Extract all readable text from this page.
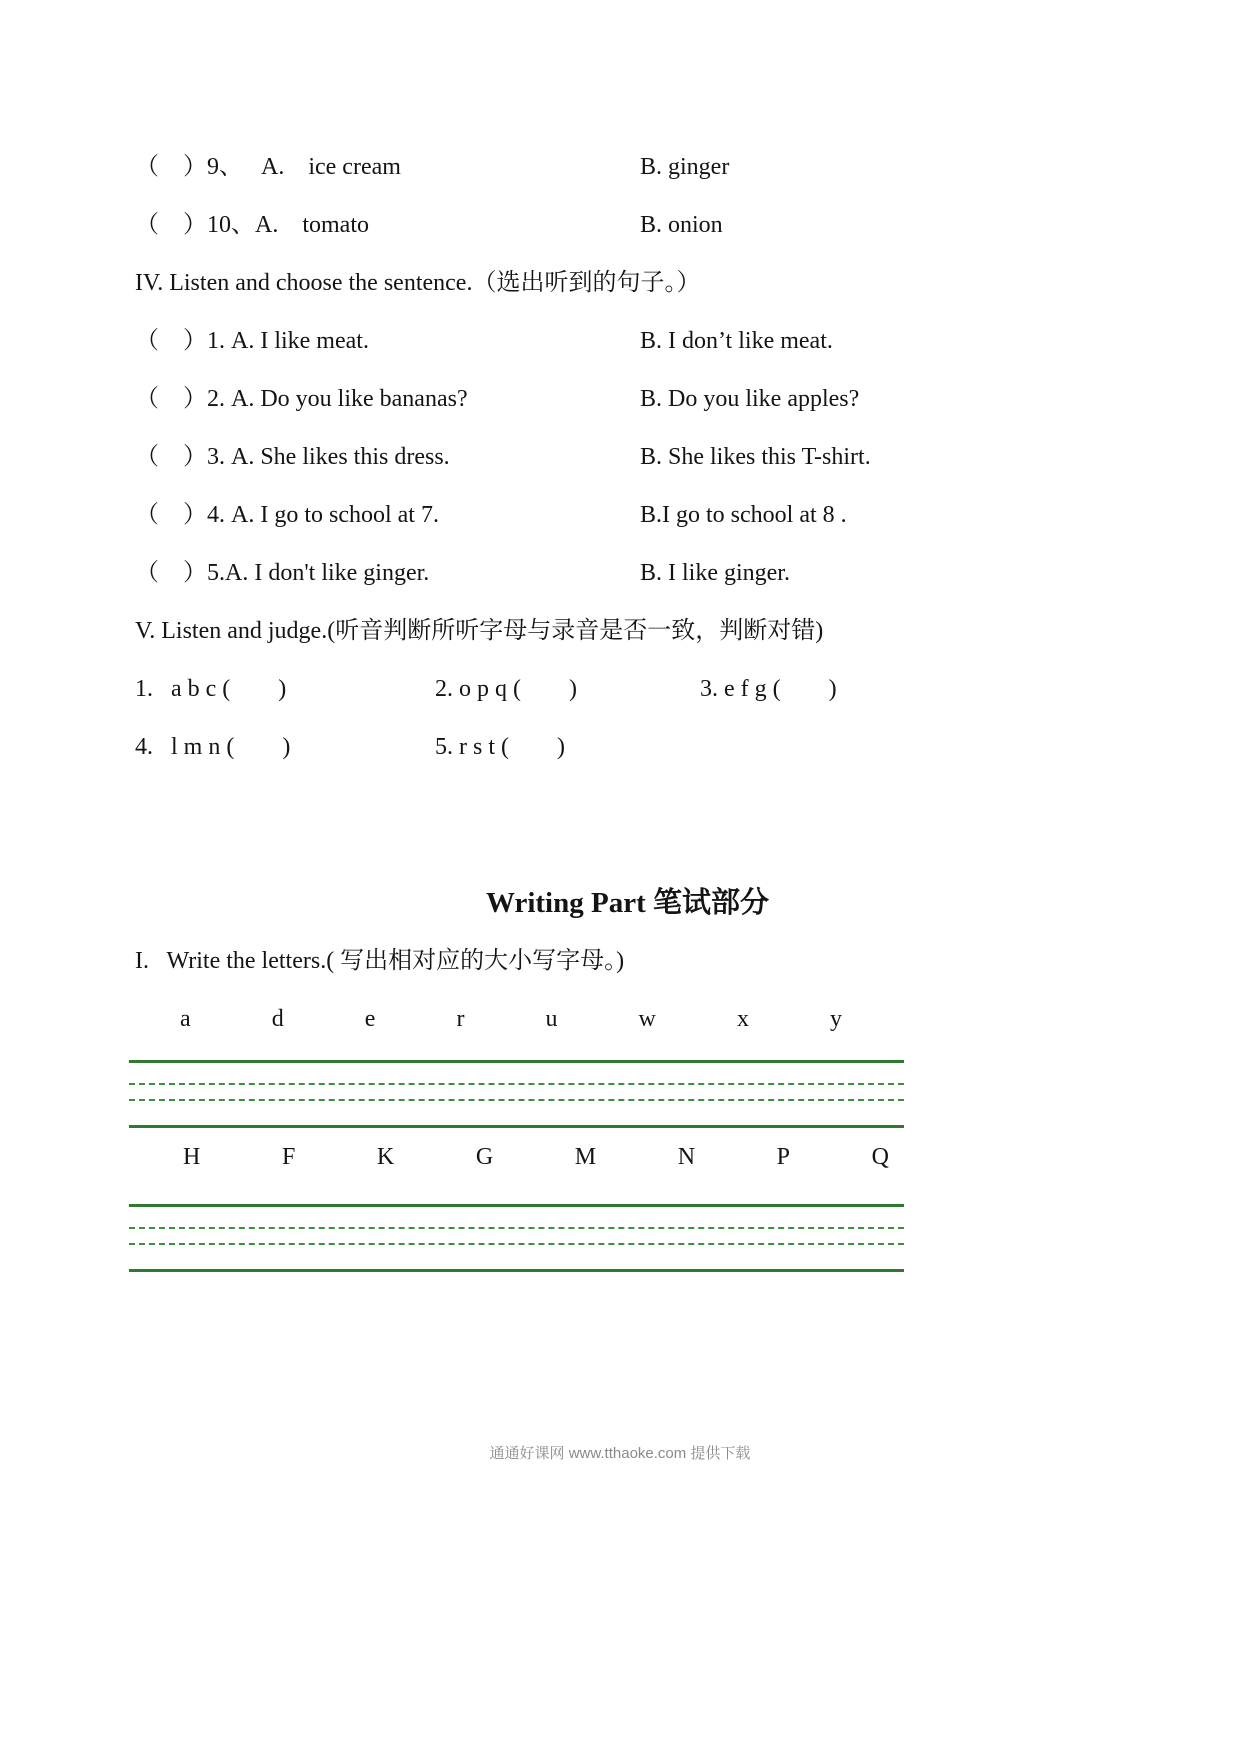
（    ）9、   A.    ice cream	B. ginger
（    ）10、A.    tomato	B. onion
IV. Listen and choose the sentence.（选出听到的句子。）
（    ）1. A. I like meat.	B. I don’t like meat.
（    ）2. A. Do you like bananas?	B. Do you like apples?
（    ）3. A. She likes this dress.	B. She likes this T-shirt.
（    ）4. A. I go to school at 7.	B.I go to school at 8 .
（    ）5.A. I don't like ginger.	B. I like ginger.
V. Listen and judge.(听音判断所听字母与录音是否一致，判断对错)
1.   a b c (        )	2. o p q (        )	3. e f g (        )
4.   l m n (        )	5. r s t (        )
Writing Part 笔试部分
I.   Write the letters.( 写出相对应的大小写字母。)
a	d	e	r	u	w	x	y
H	F	K	G	M	N	P	Q
通通好课网 www.tthaoke.com 提供下载
